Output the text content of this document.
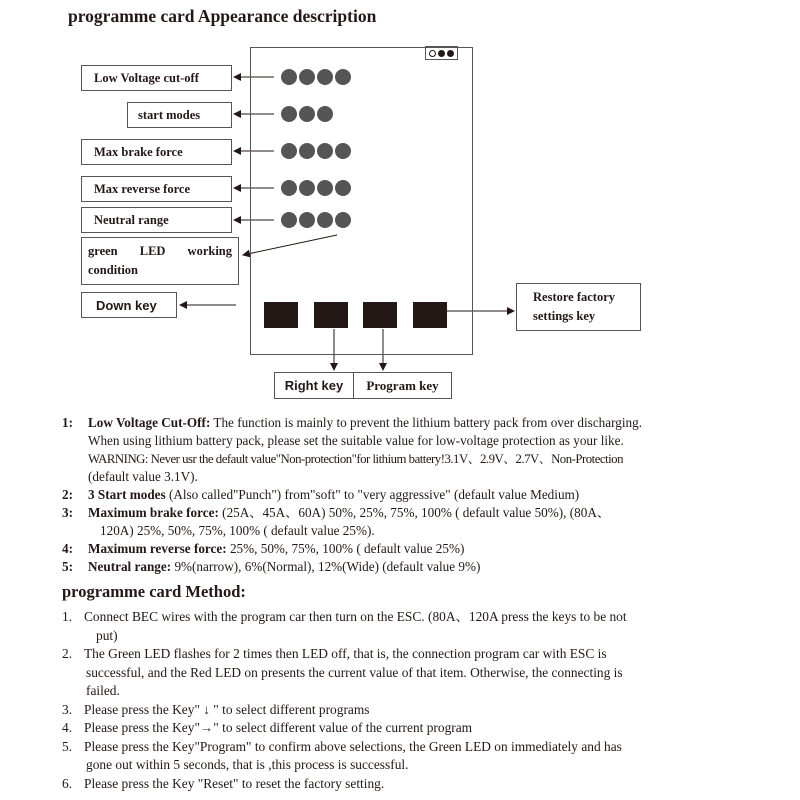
programme card Appearance description
Low Voltage cut-off
start modes
Max brake force
Max reverse force
Neutral range
green LED working
condition
Down key
Restore factory
settings key
Right key	Program key

1: Low Voltage Cut-Off: The function is mainly to prevent the lithium battery pack from over discharging.

When using lithium battery pack, please set the suitable value for low-voltage protection as your like.

WARNING: Never usr the default value"Non-protection"for lithium battery!3.1V、2.9V、2.7V、Non-Protection

(default value 3.1V).

2: 3 Start modes (Also called"Punch") from"soft" to "very aggressive" (default value Medium)

3: Maximum brake force: (25A、45A、60A) 50%, 25%, 75%, 100% ( default value 50%), (80A、

120A) 25%, 50%, 75%, 100% ( default value 25%).

4: Maximum reverse force: 25%, 50%, 75%, 100% ( default value 25%)

5: Neutral range: 9%(narrow), 6%(Normal), 12%(Wide) (default value 9%)

programme card Method:

1. Connect BEC wires with the program car then turn on the ESC. (80A、120A press the keys to be not

put)

2. The Green LED flashes for 2 times then LED off, that is, the connection program car with ESC is

successful, and the Red LED on presents the current value of that item. Otherwise, the connecting is

failed.

3. Please press the Key" ↓ " to select different programs

4. Please press the Key"→" to select different value of the current program

5. Please press the Key"Program" to confirm above selections, the Green LED on immediately and has

gone out within 5 seconds, that is ,this process is successful.

6. Please press the Key "Reset" to reset the factory setting.
